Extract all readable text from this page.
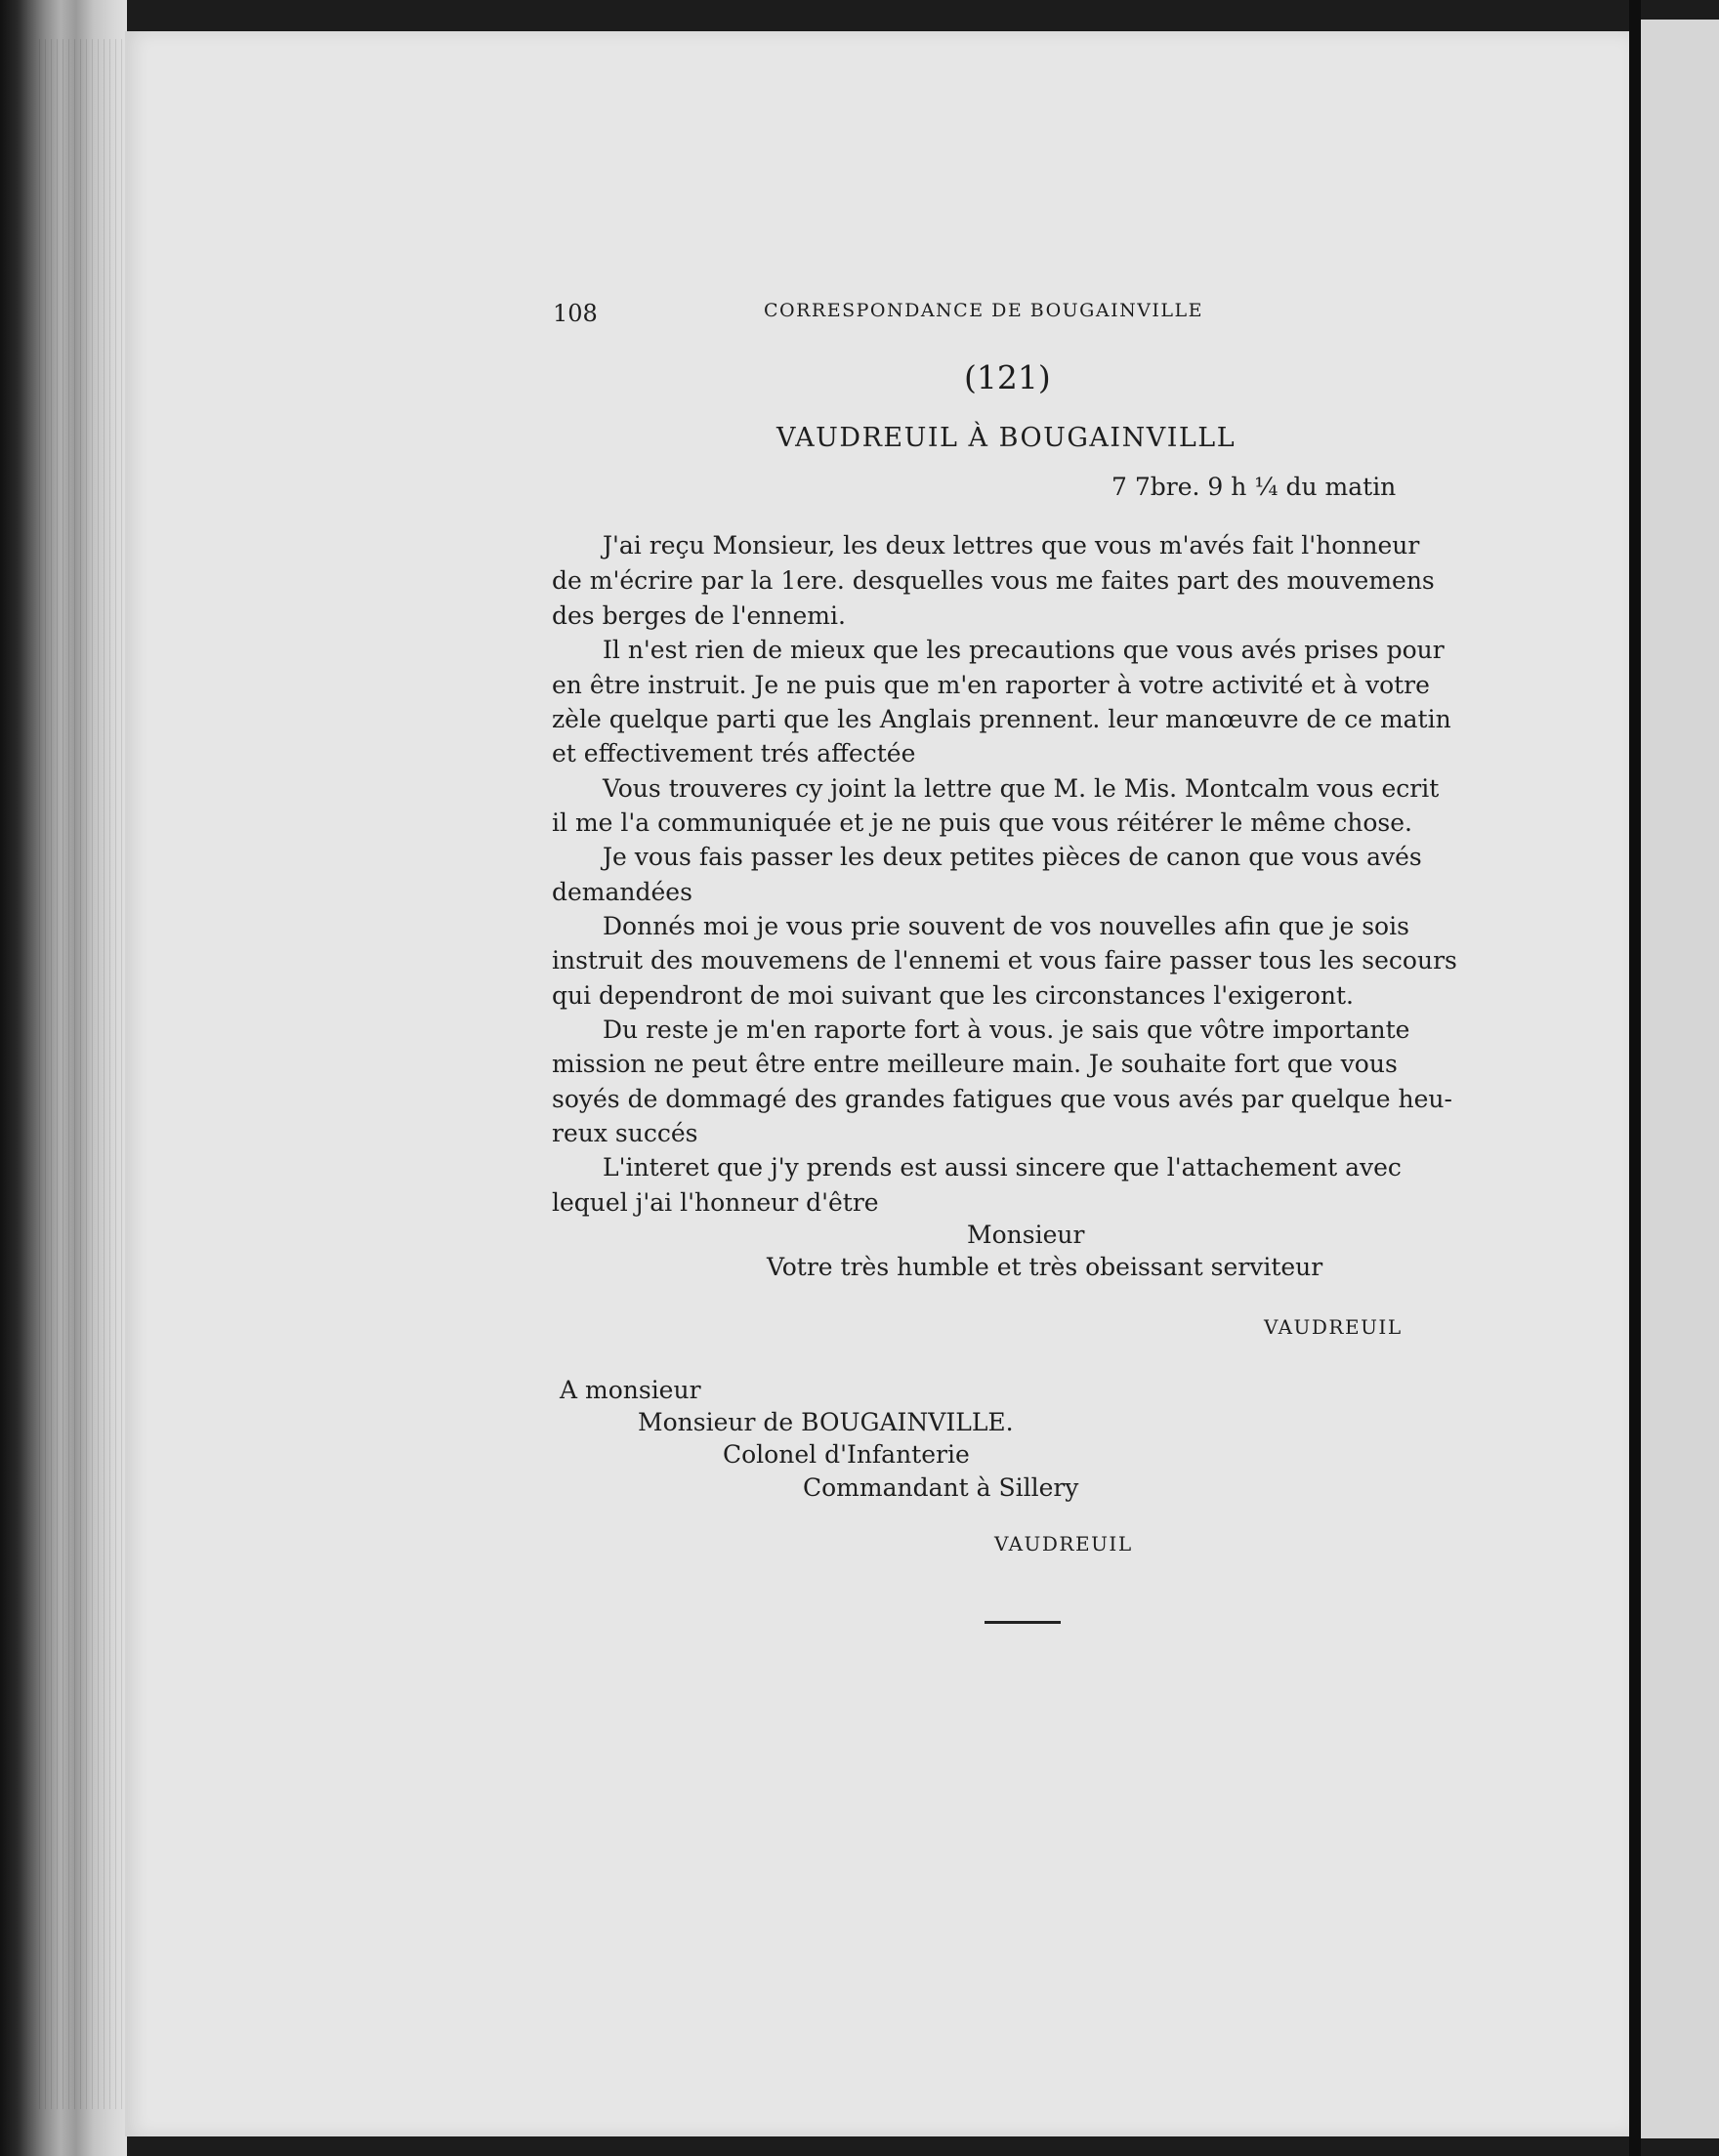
108	CORRESPONDANCE DE BOUGAINVILLE
(121)
VAUDREUIL À BOUGAINVILLL
7 7bre. 9 h ¼ du matin
J'ai reçu Monsieur, les deux lettres que vous m'avés fait l'honneur
de m'écrire par la 1ere. desquelles vous me faites part des mouvemens
des berges de l'ennemi.
Il n'est rien de mieux que les precautions que vous avés prises pour
en être instruit. Je ne puis que m'en raporter à votre activité et à votre
zèle quelque parti que les Anglais prennent. leur manœuvre de ce matin
et effectivement trés affectée
Vous trouveres cy joint la lettre que M. le Mis. Montcalm vous ecrit
il me l'a communiquée et je ne puis que vous réitérer le même chose.
Je vous fais passer les deux petites pièces de canon que vous avés
demandées
Donnés moi je vous prie souvent de vos nouvelles afin que je sois
instruit des mouvemens de l'ennemi et vous faire passer tous les secours
qui dependront de moi suivant que les circonstances l'exigeront.
Du reste je m'en raporte fort à vous. je sais que vôtre importante
mission ne peut être entre meilleure main. Je souhaite fort que vous
soyés de dommagé des grandes fatigues que vous avés par quelque heu-
reux succés
L'interet que j'y prends est aussi sincere que l'attachement avec
lequel j'ai l'honneur d'être
Monsieur
Votre très humble et très obeissant serviteur
VAUDREUIL
A monsieur
Monsieur de BOUGAINVILLE.
Colonel d'Infanterie
Commandant à Sillery
VAUDREUIL
